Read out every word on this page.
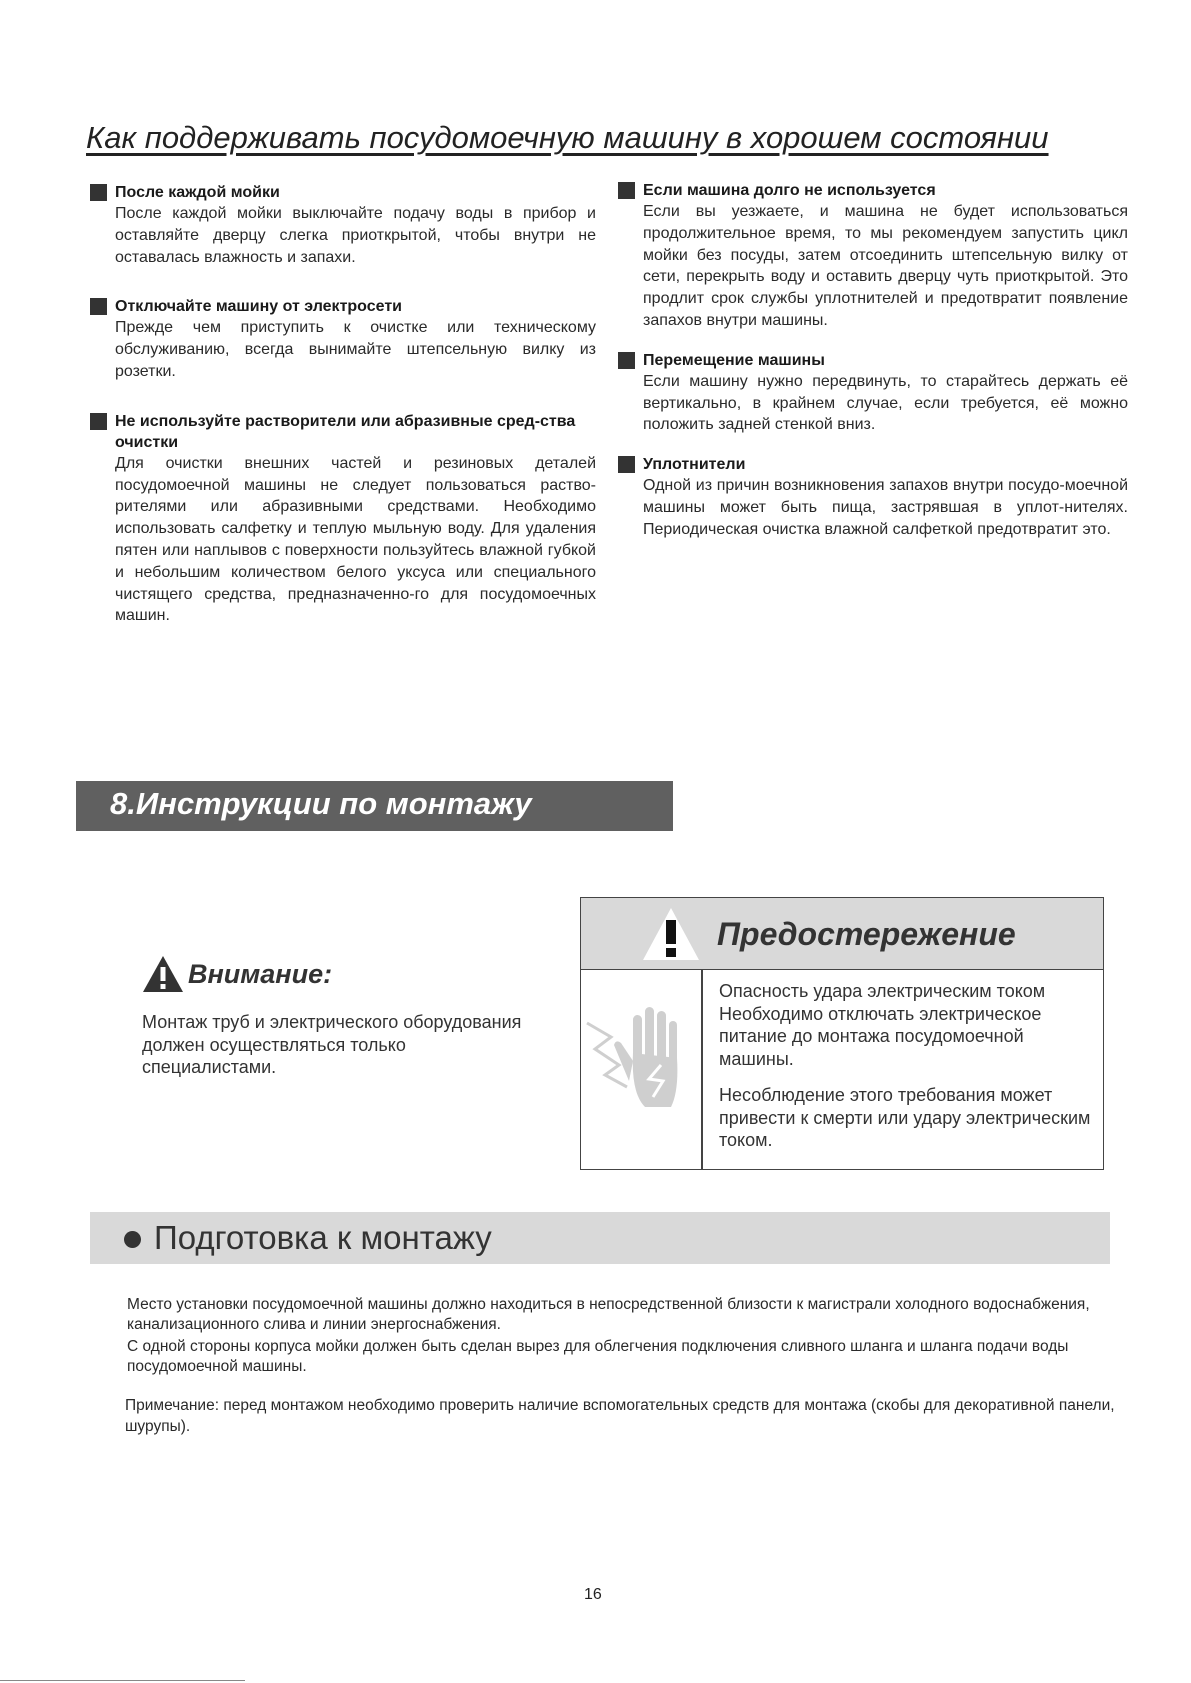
Как поддерживать посудомоечную машину в хорошем состоянии
После каждой мойки
После каждой мойки выключайте подачу воды в прибор и оставляйте дверцу слегка приоткрытой, чтобы внутри не оставалась влажность и запахи.
Отключайте машину от электросети
Прежде чем приступить к очистке или техническому обслуживанию, всегда вынимайте штепсельную вилку из розетки.
Не используйте растворители или абразивные сред-ства очистки
Для очистки внешних частей и резиновых деталей посудомоечной машины не следует пользоваться раство-рителями или абразивными средствами. Необходимо использовать салфетку и теплую мыльную воду. Для удаления пятен или наплывов с поверхности пользуйтесь влажной губкой и небольшим количеством белого уксуса или специального чистящего средства, предназначенно-го для посудомоечных машин.
Если машина долго не используется
Если вы уезжаете, и машина не будет использоваться продолжительное время, то мы рекомендуем запустить цикл мойки без посуды, затем отсоединить штепсельную вилку от сети, перекрыть воду и оставить дверцу чуть приоткрытой. Это продлит срок службы уплотнителей и предотвратит появление запахов внутри машины.
Перемещение машины
Если машину нужно передвинуть, то старайтесь держать её вертикально, в крайнем случае, если требуется, её можно положить задней стенкой вниз.
Уплотнители
Одной из причин возникновения запахов внутри посудо-моечной машины может быть пища, застрявшая в уплот-нителях. Периодическая очистка влажной салфеткой предотвратит это.
8.Инструкции по монтажу
Внимание:
Монтаж труб и электрического оборудования должен осуществляться только специалистами.
Предостережение

Опасность удара электрическим током Необходимо отключать электрическое питание до монтажа посудомоечной машины.

Несоблюдение этого требования может привести к смерти или удару электрическим током.

Подготовка к монтажу
Место установки посудомоечной машины должно находиться в непосредственной близости к магистрали холодного водоснабжения, канализационного слива и линии энергоснабжения.
С одной стороны корпуса мойки должен быть сделан вырез для облегчения подключения сливного шланга и шланга подачи воды посудомоечной машины.
Примечание: перед монтажом необходимо проверить наличие вспомогательных средств для монтажа (скобы для декоративной панели, шурупы).
16
